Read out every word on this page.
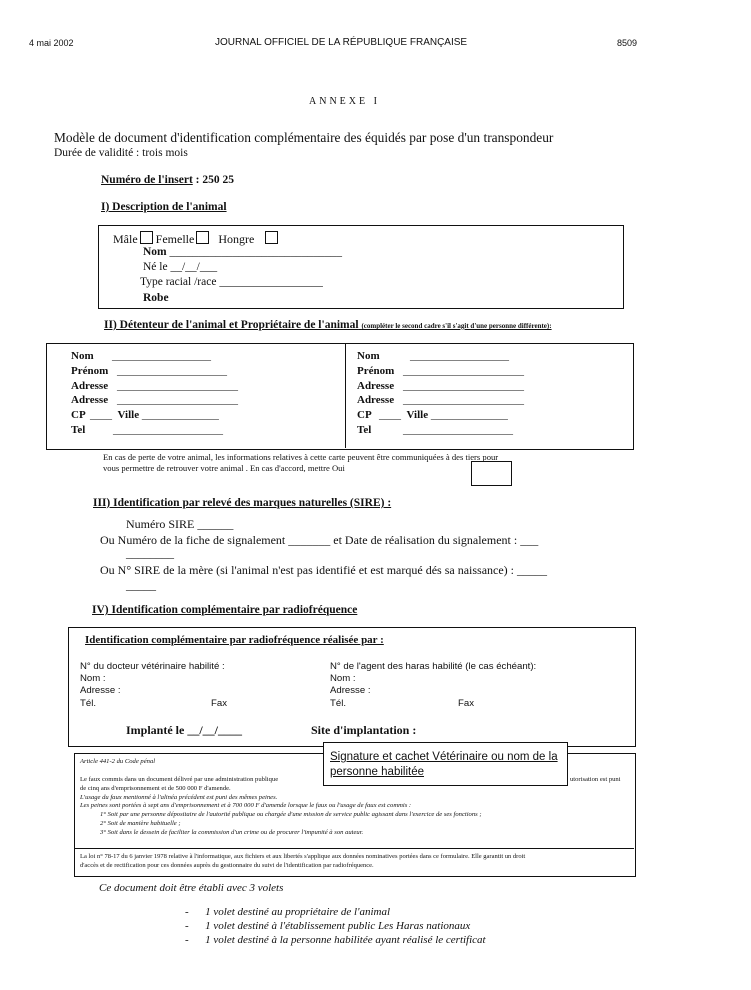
4 mai 2002	JOURNAL OFFICIEL DE LA RÉPUBLIQUE FRANÇAISE	8509
ANNEXE I
Modèle de document d'identification complémentaire des équidés par pose d'un transpondeur
Durée de validité : trois mois
Numéro de l'insert : 250 25
I) Description de l'animal
Mâle Femelle Hongre
Nom ______________________________
Né le __/__/___
Type racial /race __________________
Robe
II) Détenteur de l'animal et Propriétaire de l'animal (compléter le second cadre s'il s'agit d'une personne différente):
Nom __________________
Prénom ____________________
Adresse ______________________
Adresse ______________________
CP ____ Ville ______________
Tel	____________________
Nom	__________________
Prénom ______________________
Adresse ______________________
Adresse ______________________
CP ____ Ville ______________
Tel	____________________
En cas de perte de votre animal, les informations relatives à cette carte peuvent être communiquées à des tiers pour
vous permettre de retrouver votre animal . En cas d'accord, mettre Oui
III) Identification par relevé des marques naturelles (SIRE) :
Numéro SIRE ______
Ou Numéro de la fiche de signalement _______ et Date de réalisation du signalement : ___
________
Ou N° SIRE de la mère (si l'animal n'est pas identifié et est marqué dés sa naissance) : _____
_____
IV) Identification complémentaire par radiofréquence
Identification complémentaire par radiofréquence réalisée par :
N° du docteur vétérinaire habilité :
Nom :
Adresse :
Tél.	Fax
N° de l'agent des haras habilité (le cas échéant):
Nom :
Adresse :
Tél.	Fax
Implanté le __/__/____	Site d'implantation :
Article 441-2 du Code pénal
Le faux commis dans un document délivré par une administration publique
de cinq ans d'emprisonnement et de 500 000 F d'amende.
L'usage du faux mentionné à l'alinéa précédent est puni des mêmes peines.
Les peines sont portées à sept ans d'emprisonnement et à 700 000 F d'amende lorsque le faux ou l'usage de faux est commis :
1° Soit par une personne dépositaire de l'autorité publique ou chargée d'une mission de service public agissant dans l'exercice de ses fonctions ;
2° Soit de manière habituelle ;
3° Soit dans le dessein de faciliter la commission d'un crime ou de procurer l'impunité à son auteur.
utorisation est puni
La loi n° 78-17 du 6 janvier 1978 relative à l'informatique, aux fichiers et aux libertés s'applique aux données nominatives portées dans ce formulaire. Elle garantit un droit
d'accès et de rectification pour ces données auprès du gestionnaire du suivi de l'identification par radiofréquence.
Signature et cachet Vétérinaire ou nom de la personne habilitée
Ce document doit être établi avec 3 volets
-      1 volet destiné au propriétaire de l'animal
-      1 volet destiné à l'établissement public Les Haras nationaux
-      1 volet destiné à la personne habilitée ayant réalisé le certificat
